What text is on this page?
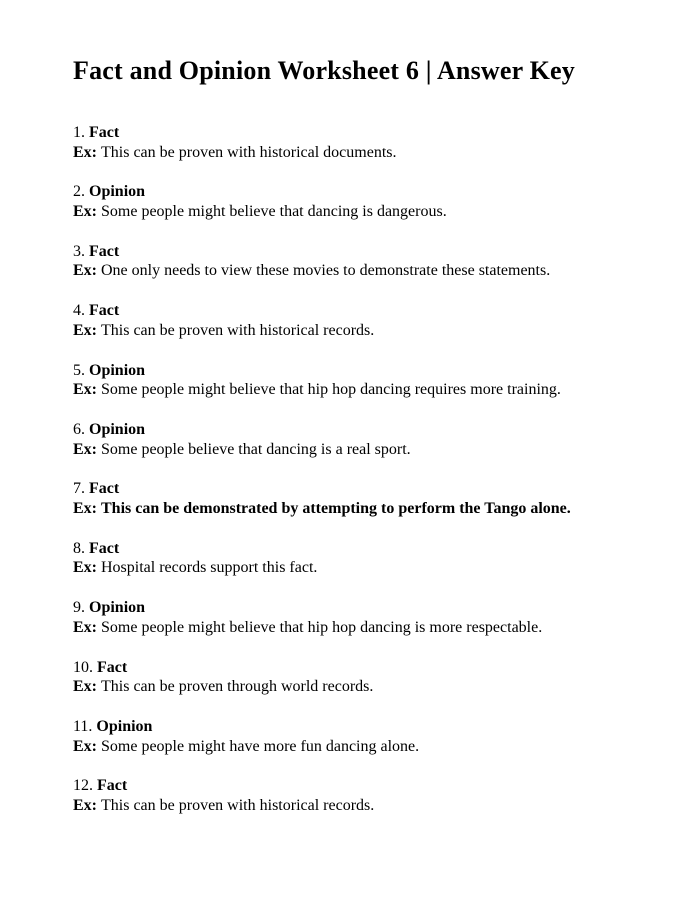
Fact and Opinion Worksheet 6 | Answer Key
1. Fact
Ex: This can be proven with historical documents.
2. Opinion
Ex: Some people might believe that dancing is dangerous.
3. Fact
Ex: One only needs to view these movies to demonstrate these statements.
4. Fact
Ex: This can be proven with historical records.
5. Opinion
Ex: Some people might believe that hip hop dancing requires more training.
6. Opinion
Ex: Some people believe that dancing is a real sport.
7. Fact
Ex: This can be demonstrated by attempting to perform the Tango alone.
8. Fact
Ex: Hospital records support this fact.
9. Opinion
Ex: Some people might believe that hip hop dancing is more respectable.
10. Fact
Ex: This can be proven through world records.
11. Opinion
Ex: Some people might have more fun dancing alone.
12. Fact
Ex: This can be proven with historical records.
